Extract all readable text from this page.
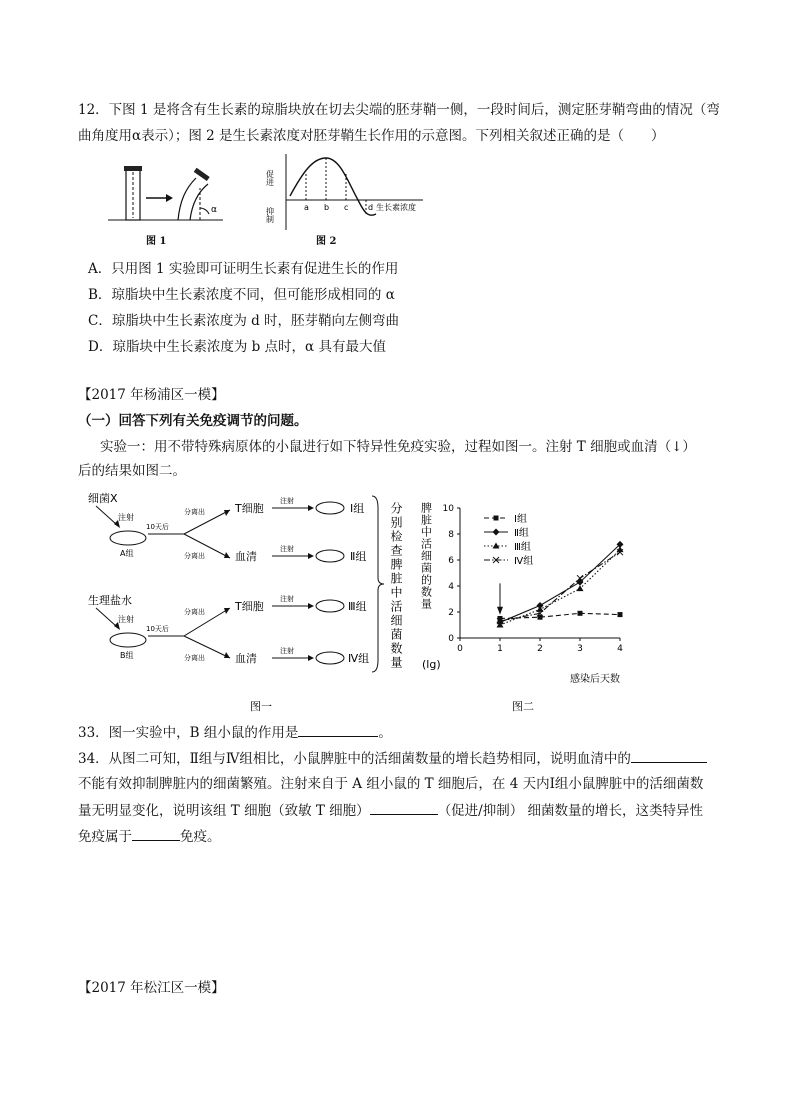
12．下图 1 是将含有生长素的琼脂块放在切去尖端的胚芽鞘一侧，一段时间后，测定胚芽鞘弯曲的情况（弯
曲角度用α表示）；图 2 是生长素浓度对胚芽鞘生长作用的示意图。下列相关叙述正确的是（　　）
α
图 1
促进
抑制	a b c d 生长素浓度
图 2
A．只用图 1 实验即可证明生长素有促进生长的作用
B．琼脂块中生长素浓度不同，但可能形成相同的 α
C．琼脂块中生长素浓度为 d 时，胚芽鞘向左侧弯曲
D．琼脂块中生长素浓度为 b 点时，α 具有最大值
【2017 年杨浦区一模】
（一）回答下列有关免疫调节的问题。
实验一：用不带特殊病原体的小鼠进行如下特异性免疫实验，过程如图一。注射 T 细胞或血清（↓）
后的结果如图二。
细菌X
注射
A组
10天后
分离出
分离出
T细胞
血清
注射
注射
Ⅰ组
Ⅱ组
生理盐水
注射
B组
10天后
分离出
分离出
T细胞
血清
注射
注射
Ⅲ组
Ⅳ组 分别检查脾脏中活细菌数量
图一
脾脏中活细菌的数量
(lg)
0
2
4
6
8
10
0	1	2	3	4
Ⅰ组
Ⅱ组
Ⅲ组
Ⅳ组
感染后天数
图二
33．图一实验中，B 组小鼠的作用是	。
34．从图二可知，Ⅱ组与Ⅳ组相比，小鼠脾脏中的活细菌数量的增长趋势相同，说明血清中的
不能有效抑制脾脏内的细菌繁殖。注射来自于 A 组小鼠的 T 细胞后，在 4 天内Ⅰ组小鼠脾脏中的活细菌数
量无明显变化，说明该组 T 细胞（致敏 T 细胞）	（促进/抑制） 细菌数量的增长，这类特异性
免疫属于	免疫。
【2017 年松江区一模】
